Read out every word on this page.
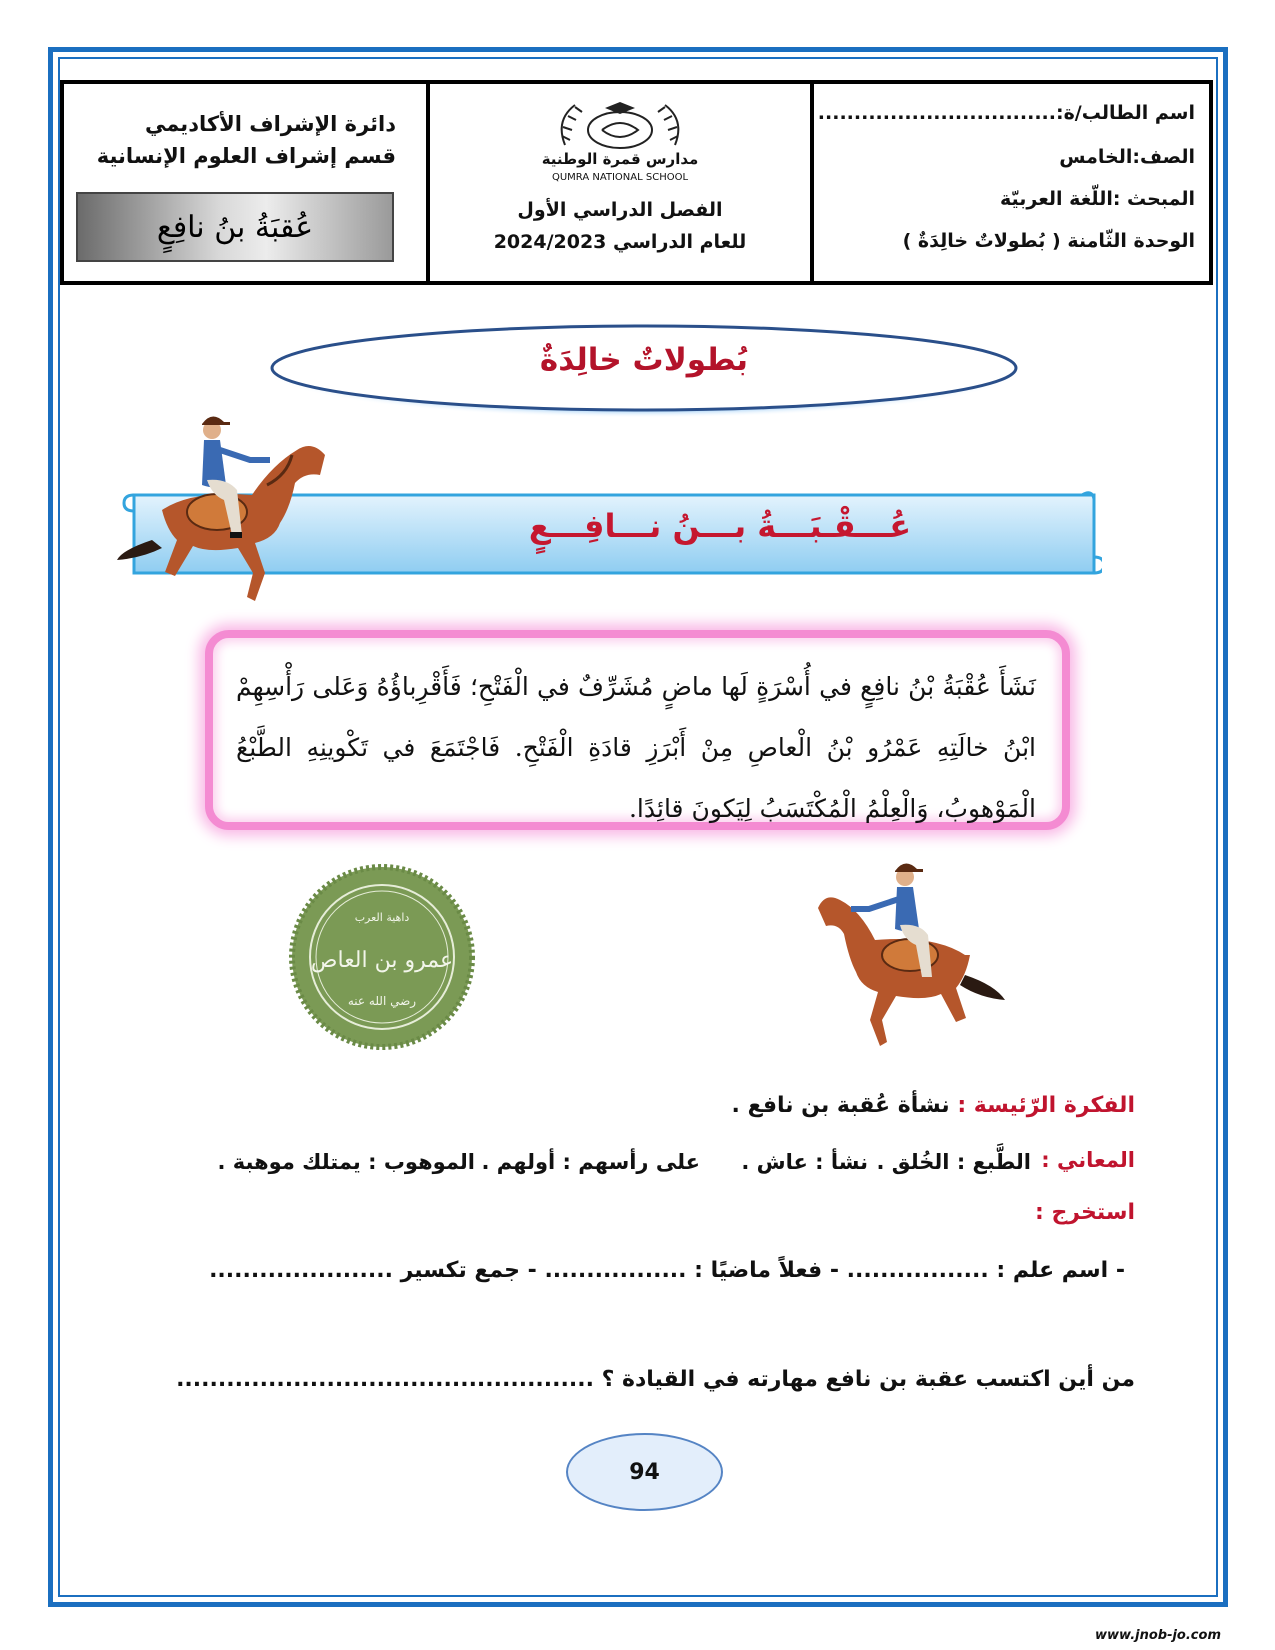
دائرة الإشراف الأكاديمي
قسم إشراف العلوم الإنسانية
عُقبَةُ بنُ نافِعٍ
مدارس قمرة الوطنية
QUMRA NATIONAL SCHOOL
الفصل الدراسي الأول
للعام الدراسي 2024/2023
اسم الطالب/ة:.................................
الصف:الخامس
المبحث :اللّغة العربيّة
الوحدة الثّامنة ( بُطولاتٌ خالِدَةٌ )
بُطولاتٌ خالِدَةٌ
عُـــقْـبَـــةُ بـــنُ نـــافِـــعٍ
نَشَأَ عُقْبَةُ بْنُ نافِعٍ في أُسْرَةٍ لَها ماضٍ مُشَرِّفٌ في الْفَتْحِ؛ فَأَقْرِباؤُهُ وَعَلى رَأْسِهِمْ ابْنُ خالَتِهِ عَمْرُو بْنُ الْعاصِ مِنْ أَبْرَزِ قادَةِ الْفَتْحِ. فَاجْتَمَعَ في تَكْوينِهِ الطَّبْعُ الْمَوْهوبُ، وَالْعِلْمُ الْمُكْتَسَبُ لِيَكونَ قائِدًا.
داهية العرب
عمرو بن العاص
رضي الله عنه
الفكرة الرّئيسة : نشأة عُقبة بن نافع .
المعاني :
الطَّبع : الخُلق .
نشأ : عاش .
على رأسهم : أولهم .
الموهوب : يمتلك موهبة .
استخرج :
- اسم علم : ................. - فعلاً ماضيًا : ................. - جمع تكسير ......................
من أين اكتسب عقبة بن نافع مهارته في القيادة ؟ ..................................................
94
www.jnob-jo.com
